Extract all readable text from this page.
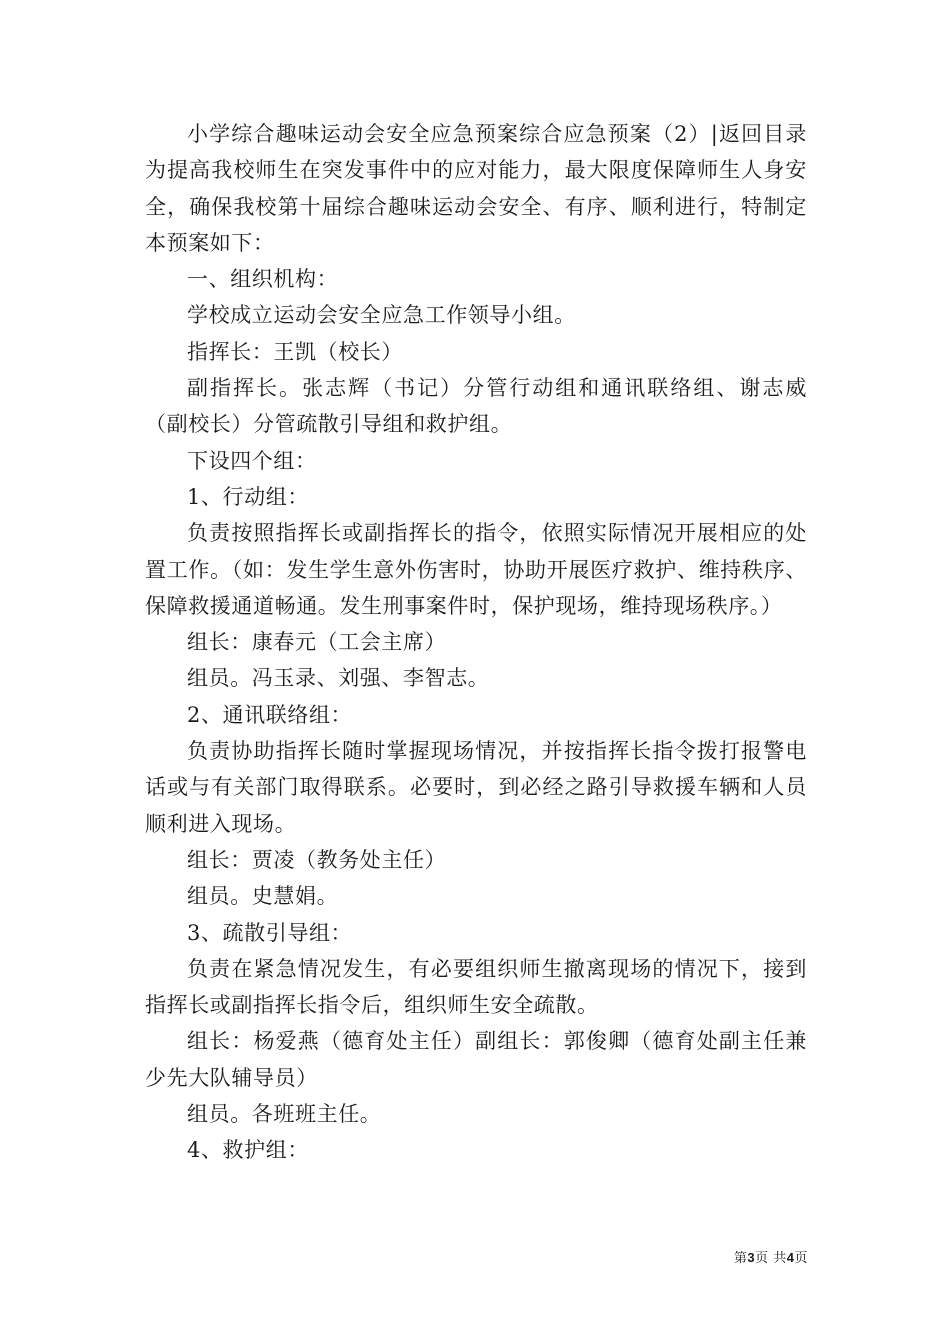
小学综合趣味运动会安全应急预案综合应急预案（2）|返回目录为提高我校师生在突发事件中的应对能力，最大限度保障师生人身安全，确保我校第十届综合趣味运动会安全、有序、顺利进行，特制定本预案如下：

一、组织机构：

学校成立运动会安全应急工作领导小组。

指挥长：王凯（校长）

副指挥长。张志辉（书记）分管行动组和通讯联络组、谢志威（副校长）分管疏散引导组和救护组。

下设四个组：

1、行动组：

负责按照指挥长或副指挥长的指令，依照实际情况开展相应的处置工作。（如：发生学生意外伤害时，协助开展医疗救护、维持秩序、保障救援通道畅通。发生刑事案件时，保护现场，维持现场秩序。）

组长：康春元（工会主席）

组员。冯玉录、刘强、李智志。

2、通讯联络组：

负责协助指挥长随时掌握现场情况，并按指挥长指令拨打报警电话或与有关部门取得联系。必要时，到必经之路引导救援车辆和人员顺利进入现场。

组长：贾凌（教务处主任）

组员。史慧娟。

3、疏散引导组：

负责在紧急情况发生，有必要组织师生撤离现场的情况下，接到指挥长或副指挥长指令后，组织师生安全疏散。

组长：杨爱燕（德育处主任）副组长：郭俊卿（德育处副主任兼少先大队辅导员）

组员。各班班主任。

4、救护组：

第3页 共4页
